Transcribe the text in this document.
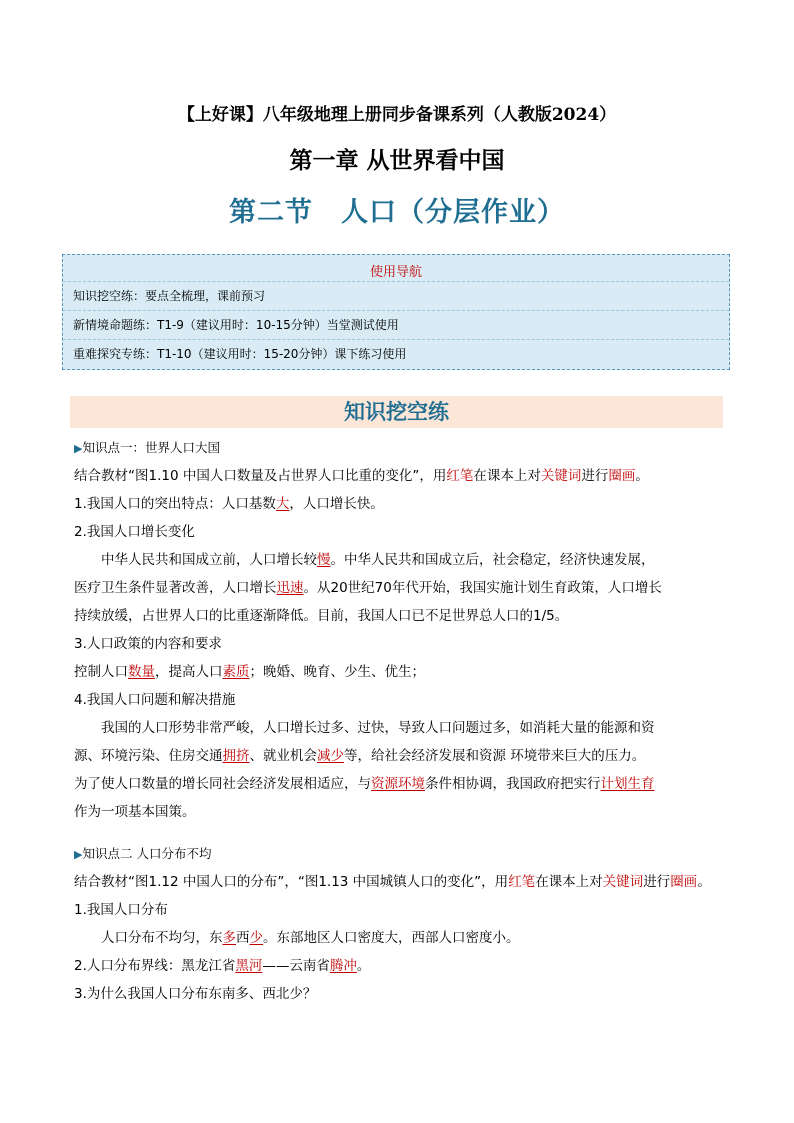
【上好课】八年级地理上册同步备课系列（人教版2024）
第一章 从世界看中国
第二节　人口（分层作业）
使用导航
知识挖空练：要点全梳理，课前预习
新情境命题练：T1-9（建议用时：10-15分钟）当堂测试使用
重难探究专练：T1-10（建议用时：15-20分钟）课下练习使用
知识挖空练
▶知识点一：世界人口大国
结合教材“图1.10 中国人口数量及占世界人口比重的变化”，用红笔在课本上对关键词进行圈画。
1.我国人口的突出特点：人口基数大，人口增长快。
2.我国人口增长变化
中华人民共和国成立前，人口增长较慢。中华人民共和国成立后，社会稳定，经济快速发展，
医疗卫生条件显著改善，人口增长迅速。从20世纪70年代开始，我国实施计划生育政策，人口增长
持续放缓，占世界人口的比重逐渐降低。目前，我国人口已不足世界总人口的1/5。
3.人口政策的内容和要求
控制人口数量，提高人口素质；晚婚、晚育、少生、优生；
4.我国人口问题和解决措施
我国的人口形势非常严峻，人口增长过多、过快，导致人口问题过多，如消耗大量的能源和资
源、环境污染、住房交通拥挤、就业机会减少等，给社会经济发展和资源 环境带来巨大的压力。
为了使人口数量的增长同社会经济发展相适应，与资源环境条件相协调，我国政府把实行计划生育
作为一项基本国策。
▶知识点二 人口分布不均
结合教材“图1.12 中国人口的分布”，“图1.13 中国城镇人口的变化”，用红笔在课本上对关键词进行圈画。
1.我国人口分布
人口分布不均匀，东多西少。东部地区人口密度大，西部人口密度小。
2.人口分布界线：黑龙江省黑河——云南省腾冲。
3.为什么我国人口分布东南多、西北少？
